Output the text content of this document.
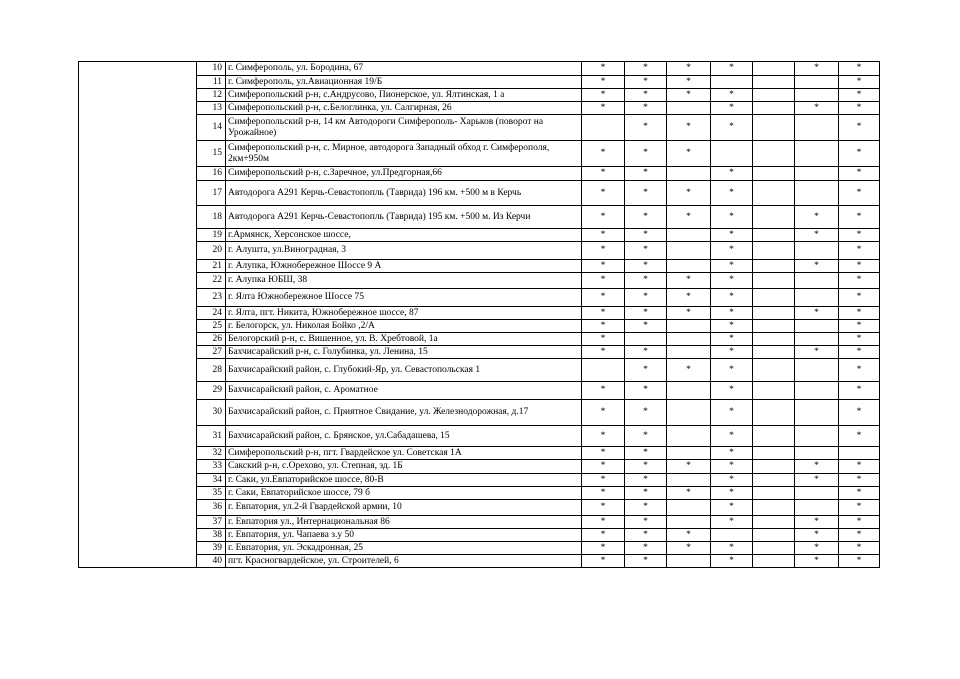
	10	г. Симферополь, ул. Бородина, 67	*	*	*	*		*	*
	11	г. Симферополь, ул.Авиационная 19/Б	*	*	*				*
	12	Симферопольский р-н, с.Андрусово, Пионерское, ул. Ялтинская, 1 а	*	*	*	*			*
	13	Симферопольский р-н, с.Белоглинка, ул. Салгирная, 26	*	*		*		*	*
	14	Симферопольский р-н, 14 км Автодороги Симферополь- Харьков (поворот на Урожайное)		*	*	*			*
	15	Симферопольский р-н, с. Мирное, автодорога Западный обход г. Симферополя, 2км+950м	*	*	*				*
	16	Симферопольский р-н, с.Заречное, ул.Предгорная,66	*	*		*			*
	17	Автодорога А291 Керчь-Севастопопль (Таврида) 196 км. +500 м в Керчь	*	*	*	*			*
	18	Автодорога А291 Керчь-Севастопопль (Таврида) 195 км. +500 м. Из Керчи	*	*	*	*		*	*
	19	г.Армянск, Херсонское шоссе,	*	*		*		*	*
	20	г. Алушта, ул.Виноградная, 3	*	*		*			*
	21	г. Алупка, Южнобережное Шоссе 9 А	*	*		*		*	*
	22	г. Алупка ЮБШ, 38	*	*	*	*			*
	23	г. Ялта Южнобережное Шоссе 75	*	*	*	*			*
	24	г. Ялта, пгт. Никита, Южнобережное шоссе, 87	*	*	*	*		*	*
	25	г. Белогорск, ул. Николая Бойко ,2/А	*	*		*			*
	26	Белогорский р-н, с. Вишенное, ул. В. Хребтовой, 1а	*			*			*
	27	Бахчисарайский р-н, с. Голубинка, ул. Ленина, 15	*	*		*		*	*
	28	Бахчисарайский район, с. Глубокий-Яр, ул. Севастопольская 1		*	*	*			*
	29	Бахчисарайский район, с. Ароматное	*	*		*			*
	30	Бахчисарайский район, с. Приятное Свидание, ул. Железнодорожная, д.17	*	*		*			*
	31	Бахчисарайский район, с. Брянское, ул.Сабадашева, 15	*	*		*			*
	32	Симферопольский р-н, пгт. Гвардейское ул. Советская 1А	*	*		*			
	33	Сакский р-н, с.Орехово, ул. Степная, зд. 1Б	*	*	*	*		*	*
	34	г. Саки, ул.Евпаторийское шоссе, 80-В	*	*		*		*	*
	35	г. Саки, Евпаторийское шоссе, 79 б	*	*	*	*			*
	36	г. Евпатория, ул.2-й Гвардейской армии, 10	*	*		*			*
	37	г. Евпатория ул., Интернациональная 86	*	*		*		*	*
	38	г. Евпатория, ул. Чапаева з.у 50	*	*	*			*	*
	39	г. Евпатория, ул. Эскадронная, 25	*	*	*	*		*	*
	40	пгт. Красногвардейское, ул. Строителей, 6	*	*		*		*	*
